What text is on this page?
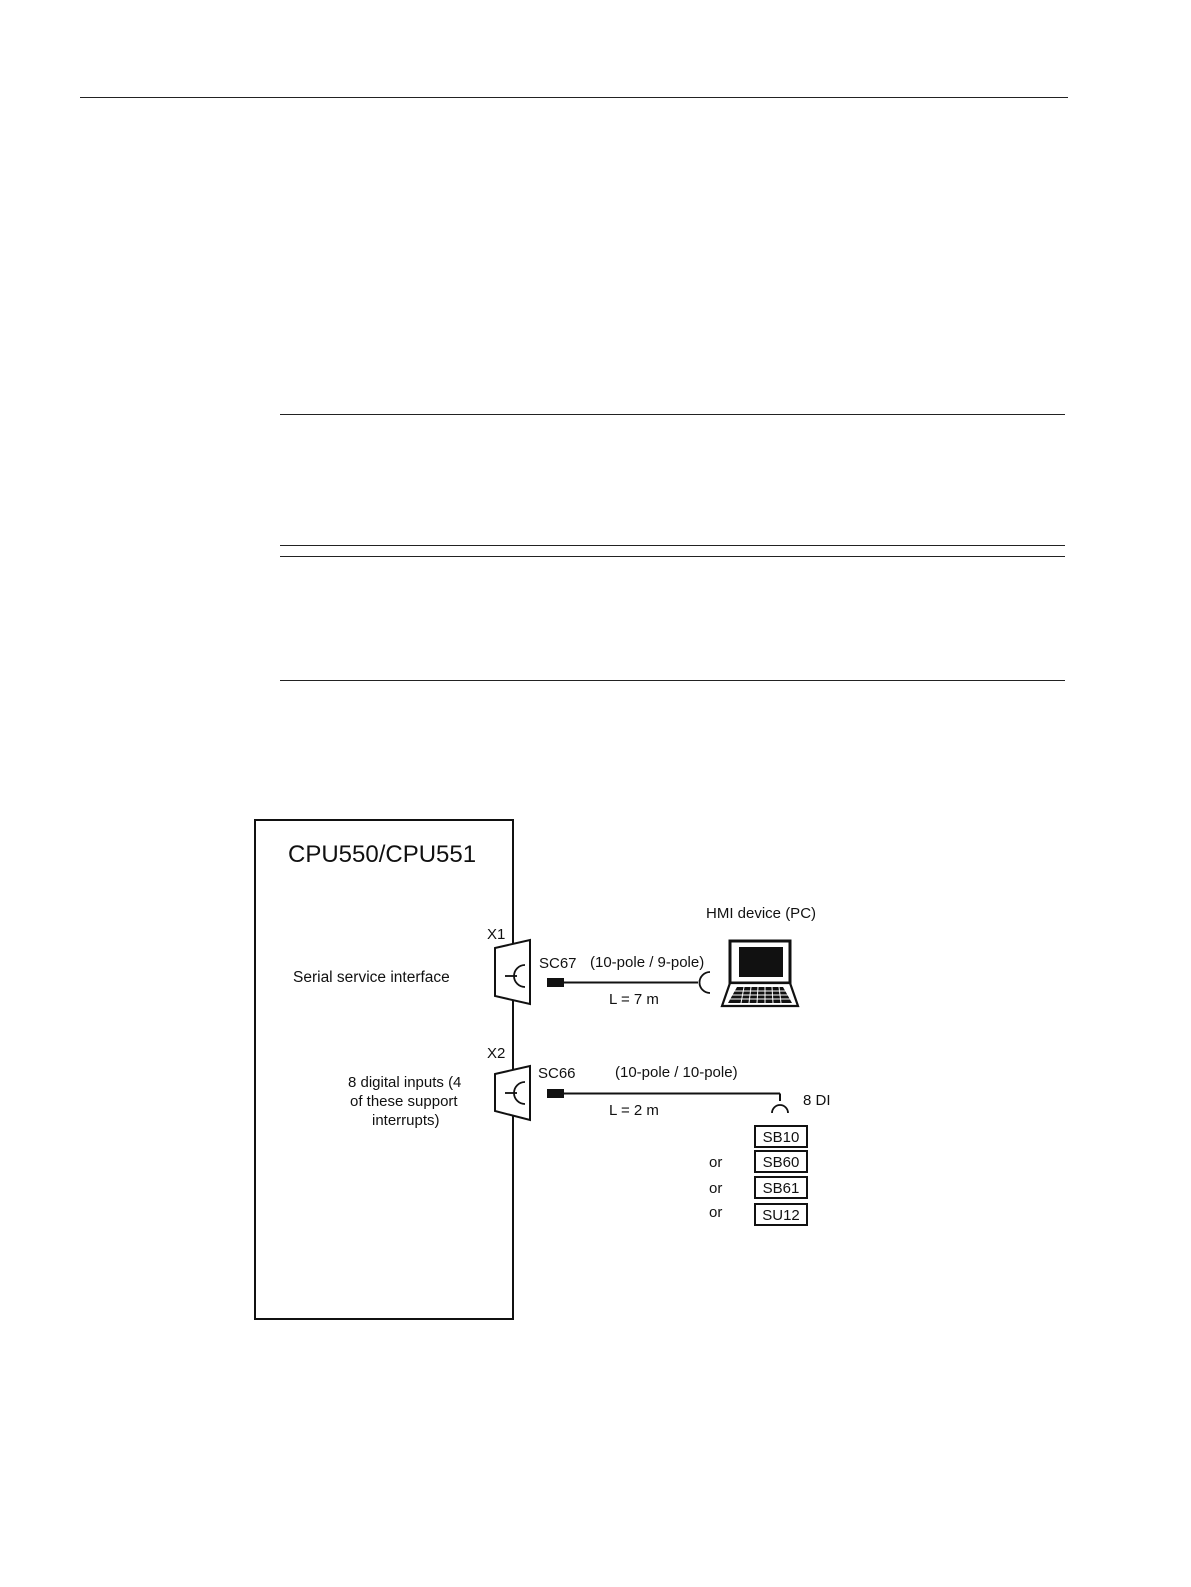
CPU550/CPU551
X1
Serial service interface
SC67 (10-pole / 9-pole)
L = 7 m
HMI device (PC)
X2
8 digital inputs (4
of these support
interrupts)
SC66	(10-pole / 10-pole)
L = 2 m
8 DI
SB10
or	SB60
or	SB61
or	SU12
